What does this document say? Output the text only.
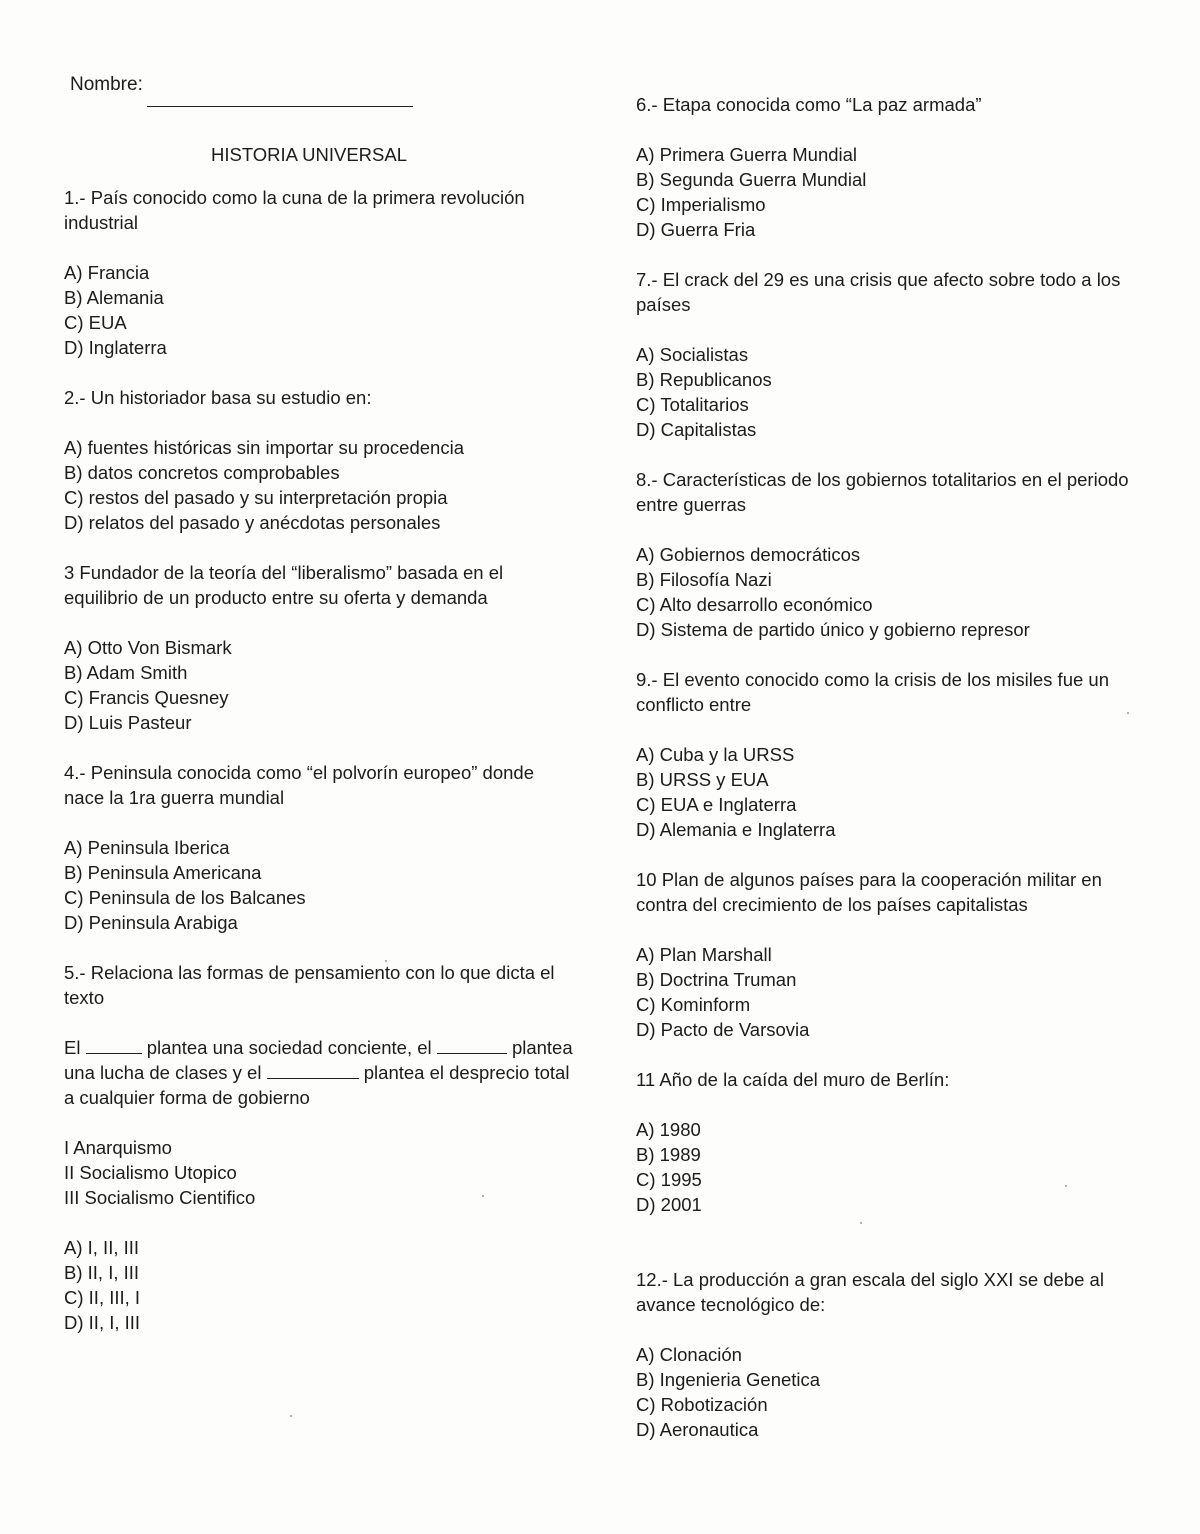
Nombre:
HISTORIA UNIVERSAL

1.- País conocido como la cuna de la primera revolución industrial

A) Francia
B) Alemania
C) EUA
D) Inglaterra

2.- Un historiador basa su estudio en:

A) fuentes históricas sin importar su procedencia
B) datos concretos comprobables
C) restos del pasado y su interpretación propia
D) relatos del pasado y anécdotas personales

3 Fundador de la teoría del “liberalismo” basada en el equilibrio de un producto entre su oferta y demanda

A) Otto Von Bismark
B) Adam Smith
C) Francis Quesney
D) Luis Pasteur

4.- Peninsula conocida como “el polvorín europeo” donde nace la 1ra guerra mundial

A) Peninsula Iberica
B) Peninsula Americana
C) Peninsula de los Balcanes
D) Peninsula Arabiga

5.- Relaciona las formas de pensamiento con lo que dicta el texto

El	plantea una sociedad conciente, el	plantea una lucha de clases y el	plantea el desprecio total a cualquier forma de gobierno

I Anarquismo
II Socialismo Utopico
III Socialismo Cientifico
A) I, II, III
B) II, I, III
C) II, III, I
D) II, I, III

6.- Etapa conocida como “La paz armada”

A) Primera Guerra Mundial
B) Segunda Guerra Mundial
C) Imperialismo
D) Guerra Fria

7.- El crack del 29 es una crisis que afecto sobre todo a los países

A) Socialistas
B) Republicanos
C) Totalitarios
D) Capitalistas

8.- Características de los gobiernos totalitarios en el periodo entre guerras

A) Gobiernos democráticos
B) Filosofía Nazi
C) Alto desarrollo económico
D) Sistema de partido único y gobierno represor

9.- El evento conocido como la crisis de los misiles fue un conflicto entre

A) Cuba y la URSS
B) URSS y EUA
C) EUA e Inglaterra
D) Alemania e Inglaterra

10 Plan de algunos países para la cooperación militar en contra del crecimiento de los países capitalistas

A) Plan Marshall
B) Doctrina Truman
C) Kominform
D) Pacto de Varsovia

11 Año de la caída del muro de Berlín:

A) 1980
B) 1989
C) 1995
D) 2001

12.- La producción a gran escala del siglo XXI se debe al avance tecnológico de:

A) Clonación
B) Ingenieria Genetica
C) Robotización
D) Aeronautica
